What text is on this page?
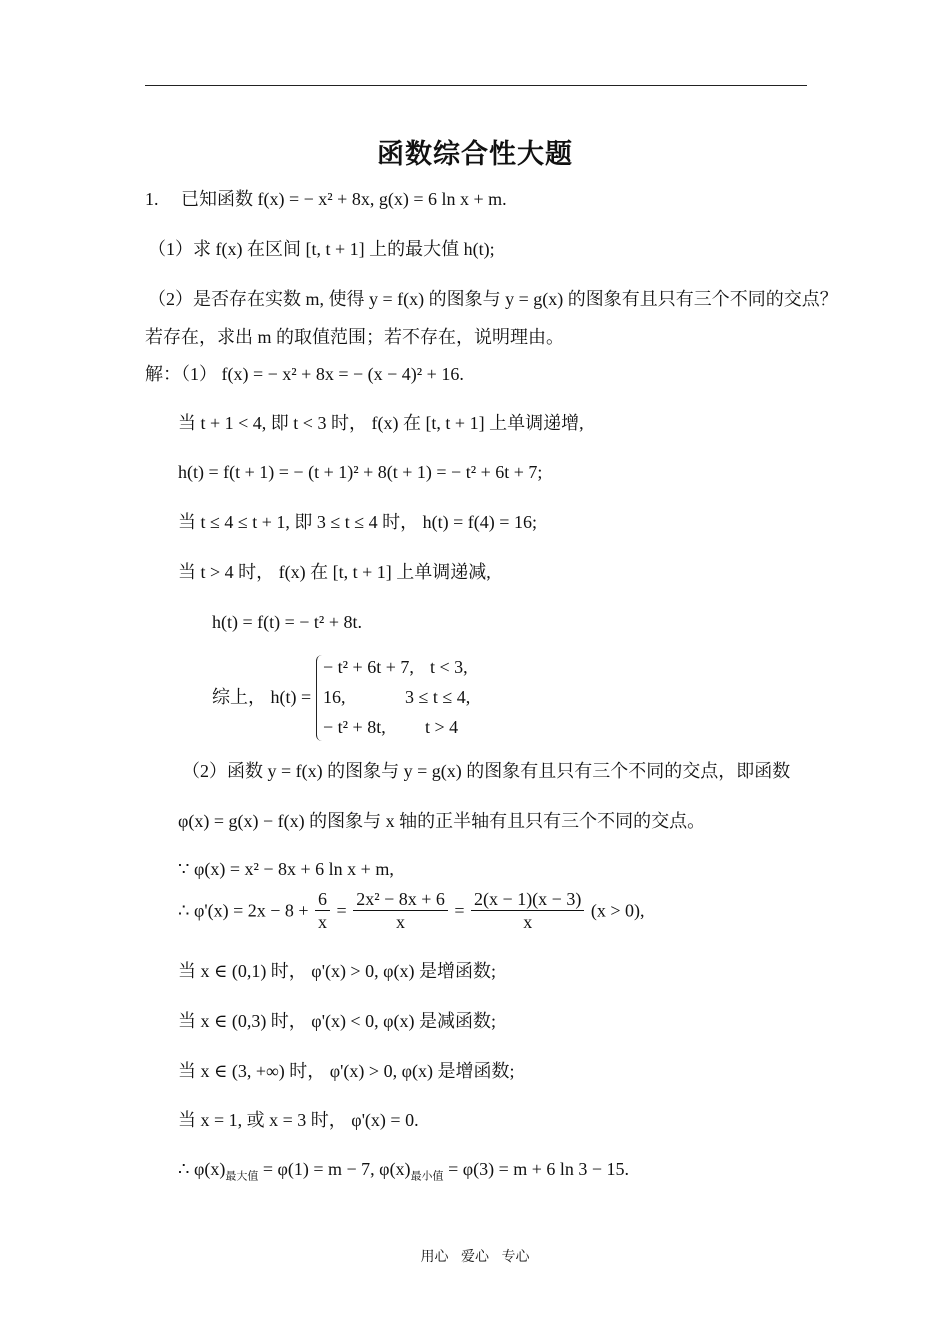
函数综合性大题
1. 已知函数 f(x) = − x² + 8x, g(x) = 6 ln x + m.
（1）求 f(x) 在区间 [t, t + 1] 上的最大值 h(t);
（2）是否存在实数 m, 使得 y = f(x) 的图象与 y = g(x) 的图象有且只有三个不同的交点？
若存在，求出 m 的取值范围；若不存在，说明理由。
解：（1） f(x) = − x² + 8x = − (x − 4)² + 16.
当 t + 1 < 4, 即 t < 3 时， f(x) 在 [t, t + 1] 上单调递增,
h(t) = f(t + 1) = − (t + 1)² + 8(t + 1) = − t² + 6t + 7;
当 t ≤ 4 ≤ t + 1, 即 3 ≤ t ≤ 4 时， h(t) = f(4) = 16;
当 t > 4 时， f(x) 在 [t, t + 1] 上单调递减,
h(t) = f(t) = − t² + 8t.
综上， h(t) =
− t² + 6t + 7, t < 3,
16,	3 ≤ t ≤ 4,
− t² + 8t, t > 4
（2）函数 y = f(x) 的图象与 y = g(x) 的图象有且只有三个不同的交点，即函数
φ(x) = g(x) − f(x) 的图象与 x 轴的正半轴有且只有三个不同的交点。
∵ φ(x) = x² − 8x + 6 ln x + m,
∴ $\varphi'(x) = 2x - 8 + \frac{6}{x} = \frac{\text{2x² − 8x + 6}}{x} = \frac{2(x - 1)(x - 3)}{x} (x > 0)$,
当 x ∈ (0,1) 时， φ'(x) > 0, φ(x) 是增函数;
当 x ∈ (0,3) 时， φ'(x) < 0, φ(x) 是减函数;
当 x ∈ (3, +∞) 时， φ'(x) > 0, φ(x) 是增函数;
当 x = 1, 或 x = 3 时， φ'(x) = 0.
∴ $\varphi(x)_{最大值} = \varphi(1) = m - 7$, $\varphi(x)_{最小值} = \varphi(3) = m + 6$ ln 3 − 15.
用心 爱心 专心
